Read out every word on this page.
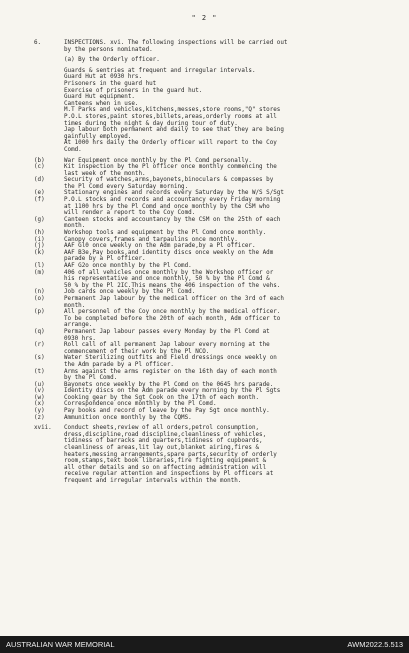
" 2 "
6.	INSPECTIONS. xvi. The following inspections will be carried out
by the persons nominated.
(a) By the Orderly officer.
Guards & sentries at frequent and irregular intervals.
Guard Hut at 0930 hrs.
Prisoners in the guard hut
Exercise of prisoners in the guard hut.
Guard Hut equipment.
Canteens when in use.
M.T Parks and vehicles,kitchens,messes,store rooms,"Q" stores
P.O.L stores,paint stores,billets,areas,orderly rooms at all
times during the night & day during tour of duty.
Jap labour both permanent and daily to see that they are being
gainfully employed.
At 1000 hrs daily the Orderly officer will report to the Coy
Comd.
(b)	War Equipment once monthly by the Pl Comd personally.
(c)	Kit inspection by the Pl officer once monthly commencing the
last week of the month.
(d)	Security of watches,arms,bayonets,binoculars & compasses by
the Pl Comd every Saturday morning.
(e)	Stationary engines and records every Saturday by the W/S S/Sgt
(f)	P.O.L stocks and records and accountancy every Friday morning
at 1100 hrs by the Pl Comd and once monthly by the CSM who
will render a report to the Coy Comd.
(g)	Canteen stocks and accountancy by the CSM on the 25th of each
month.
(h)	Workshop tools and equipment by the Pl Comd once monthly.
(i)	Canopy covers,frames and tarpaulins once monthly.
(j)	AAF Gl0 once weekly on the Adm parade,by a Pl officer.
(k)	AAF B3e,Pay books,and identity discs once weekly on the Adm
parade by a Pl officer.
(l)	AAF G2o once monthly by the Pl Comd.
(m)	406 of all vehicles once monthly by the Workshop officer or
his representative and once monthly, 50 % by the Pl Comd &
50 % by the Pl 2IC.This means the 406 inspection of the vehs.
(n)	Job cards once weekly by the Pl Comd.
(o)	Permanent Jap labour by the medical officer on the 3rd of each
month.
(p)	All personnel of the Coy once monthly by the medical officer.
To be completed before the 20th of each month, Adm officer to
arrange.
(q)	Permanent Jap labour passes every Monday by the Pl Comd at
0930 hrs.
(r)	Roll call of all permanent Jap labour every morning at the
commencement of their work by the Pl NCO.
(s)	Water Sterilizing outfits and Field dressings once weekly on
the Adm parade by a Pl officer.
(t)	Arms against the arms register on the 16th day of each month
by the Pl Comd.
(u)	Bayonets once weekly by the Pl Comd on the 0645 hrs parade.
(v)	Identity discs on the Adm parade every morning by the Pl Sgts
(w)	Cooking gear by the Sgt Cook on the 17th of each month.
(x)	Correspondence once monthly by the Pl Comd.
(y)	Pay books and record of leave by the Pay Sgt once monthly.
(z)	Ammunition once monthly by the CQMS.
xvii.	Conduct sheets,review of all orders,petrol consumption,
dress,discipline,road discipline,cleanliness of vehicles,
tidiness of barracks and quarters,tidiness of cupboards,
cleanliness of areas,lit lay out,blanket airing,fires &
heaters,messing arrangements,spare parts,security of orderly
room,stamps,text book libraries,fire fighting equipment &
all other details and so on affecting administration will
receive regular attention and inspections by Pl officers at
frequent and irregular intervals within the month.
AUSTRALIAN WAR MEMORIAL	AWM2022.5.513
